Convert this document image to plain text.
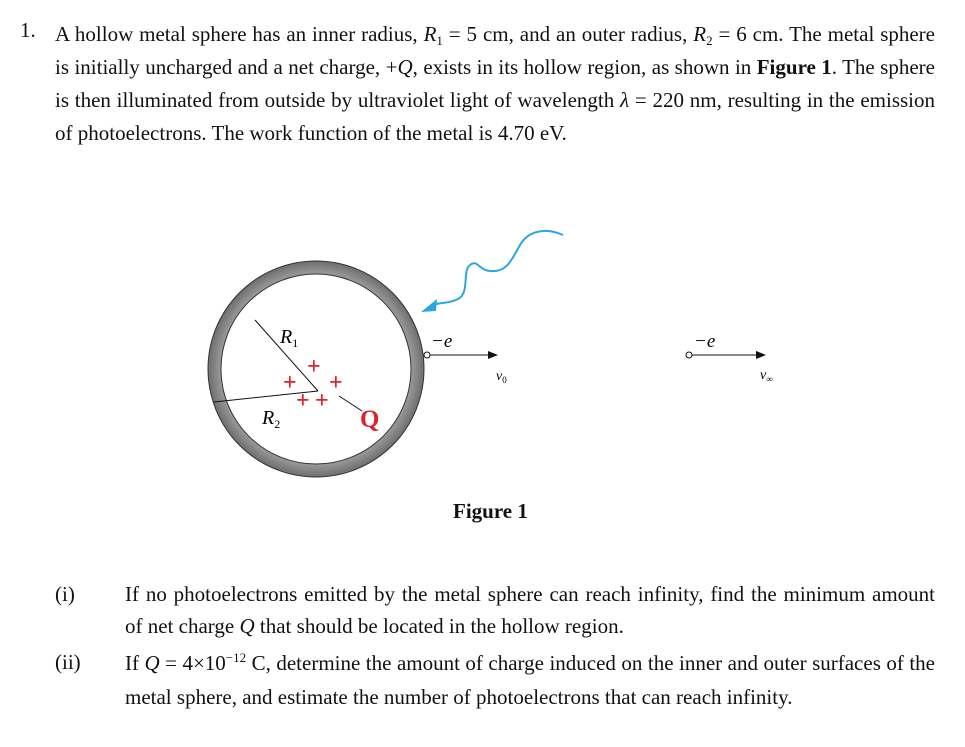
1. A hollow metal sphere has an inner radius, $R_1 = 5$ cm, and an outer radius, $R_2 = 6$ cm. The metal sphere is initially uncharged and a net charge, +Q, exists in its hollow region, as shown in Figure 1. The sphere is then illuminated from outside by ultraviolet light of wavelength λ = 220 nm, resulting in the emission of photoelectrons. The work function of the metal is 4.70 eV.
$R_1$
$R_2$
+
+ +
+ +
Q
−e
$v_0$
−e
$v_\infty$
Figure 1
(i) If no photoelectrons emitted by the metal sphere can reach infinity, find the minimum amount of net charge Q that should be located in the hollow region.
(ii) If $Q = 4\times 10^{-12}$ C, determine the amount of charge induced on the inner and outer surfaces of the metal sphere, and estimate the number of photoelectrons that can reach infinity.
